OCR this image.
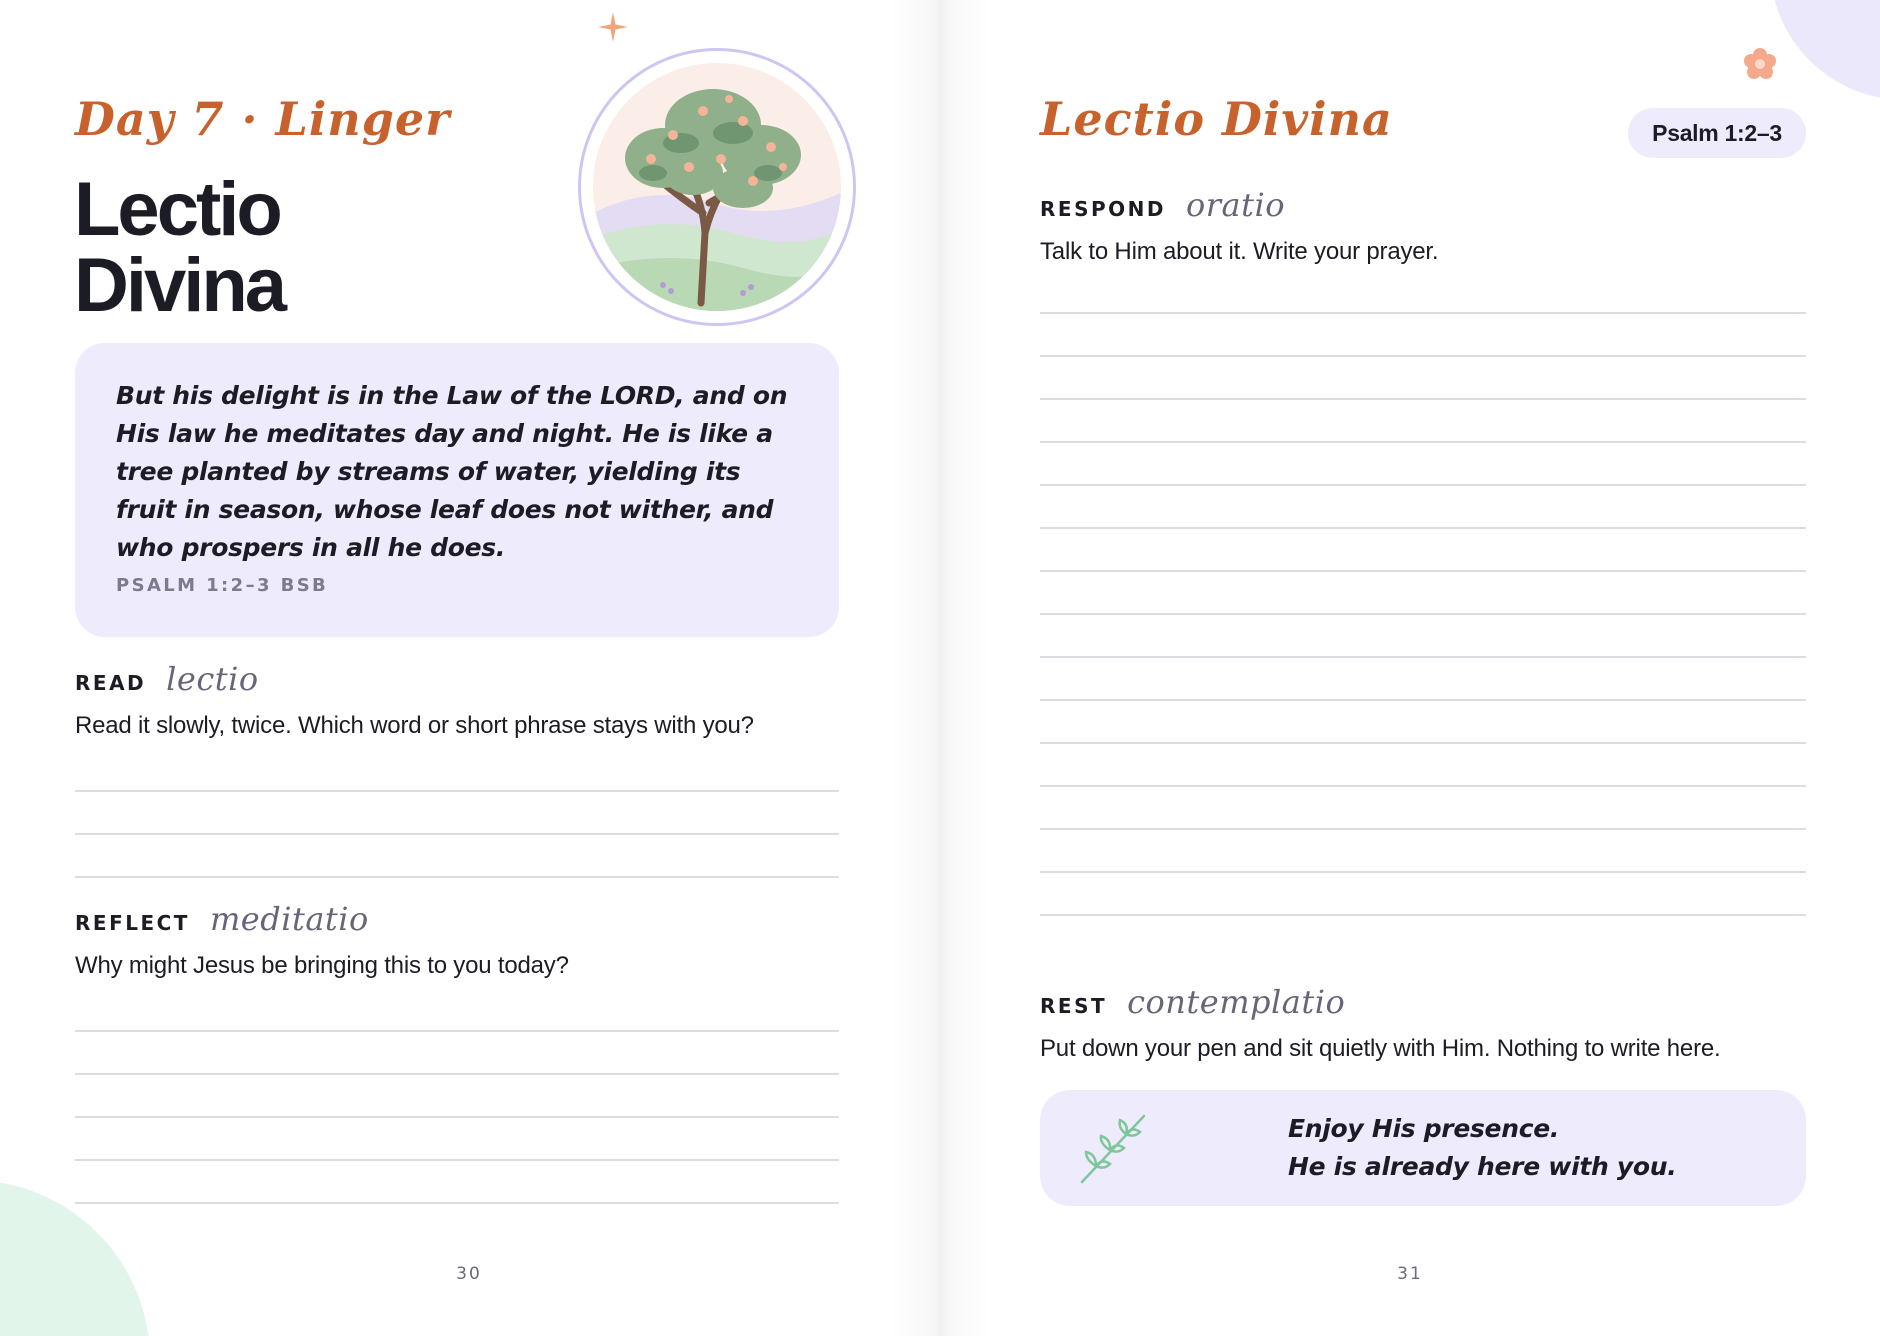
Day 7 · Linger
Lectio
Divina

But his delight is in the Law of the LORD, and on His law he meditates day and night. He is like a tree planted by streams of water, yielding its fruit in season, whose leaf does not wither, and who prospers in all he does.

PSALM 1:2–3 BSB

READ lectio

Read it slowly, twice. Which word or short phrase stays with you?

REFLECT meditatio

Why might Jesus be bringing this to you today?

30
Lectio Divina	Psalm 1:2–3
RESPOND oratio

Talk to Him about it. Write your prayer.

REST contemplatio

Put down your pen and sit quietly with Him. Nothing to write here.

Enjoy His presence.
He is already here with you.

31
